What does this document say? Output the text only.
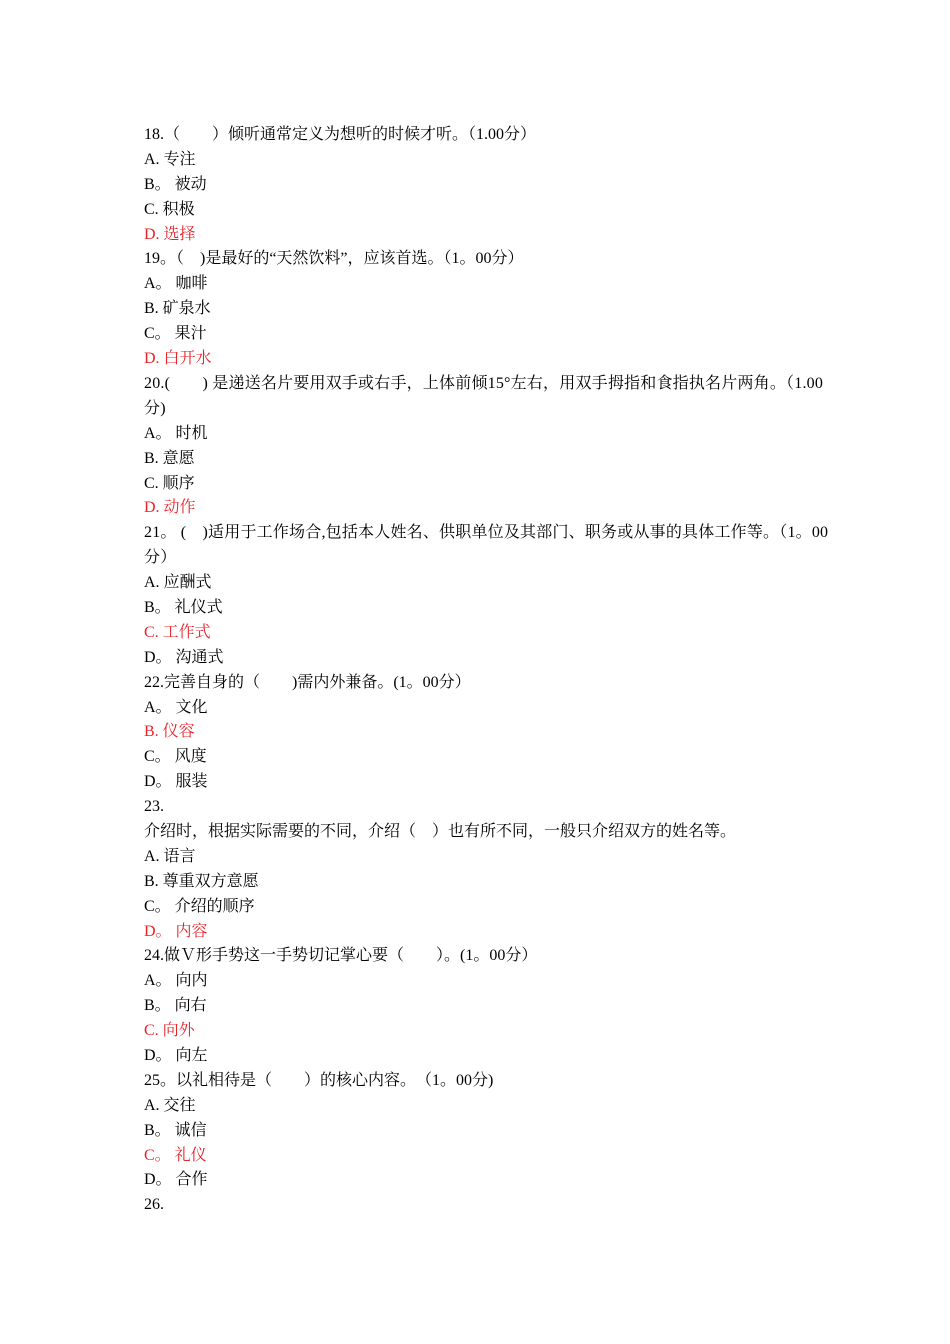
18.（　　）倾听通常定义为想听的时候才听。（1.00分）
A. 专注
B。 被动
C. 积极
D. 选择
19。（　)是最好的“天然饮料”，应该首选。（1。00分）
A。 咖啡
B. 矿泉水
C。 果汁
D. 白开水
20.(　　) 是递送名片要用双手或右手，上体前倾15°左右，用双手拇指和食指执名片两角。（1.00分)
A。 时机
B. 意愿
C. 顺序
D. 动作
21。 (　)适用于工作场合,包括本人姓名、供职单位及其部门、职务或从事的具体工作等。（1。00分）
A. 应酬式
B。 礼仪式
C. 工作式
D。 沟通式
22.完善自身的（　　)需内外兼备。(1。00分）
A。 文化
B. 仪容
C。 风度
D。 服装
23.
介绍时，根据实际需要的不同，介绍（　）也有所不同，一般只介绍双方的姓名等。
A. 语言
B. 尊重双方意愿
C。 介绍的顺序
D。 内容
24.做Ｖ形手势这一手势切记掌心要（　　）。(1。00分）
A。 向内
B。 向右
C. 向外
D。 向左
25。以礼相待是（　　）的核心内容。　（1。00分)
A. 交往
B。 诚信
C。 礼仪
D。 合作
26.
